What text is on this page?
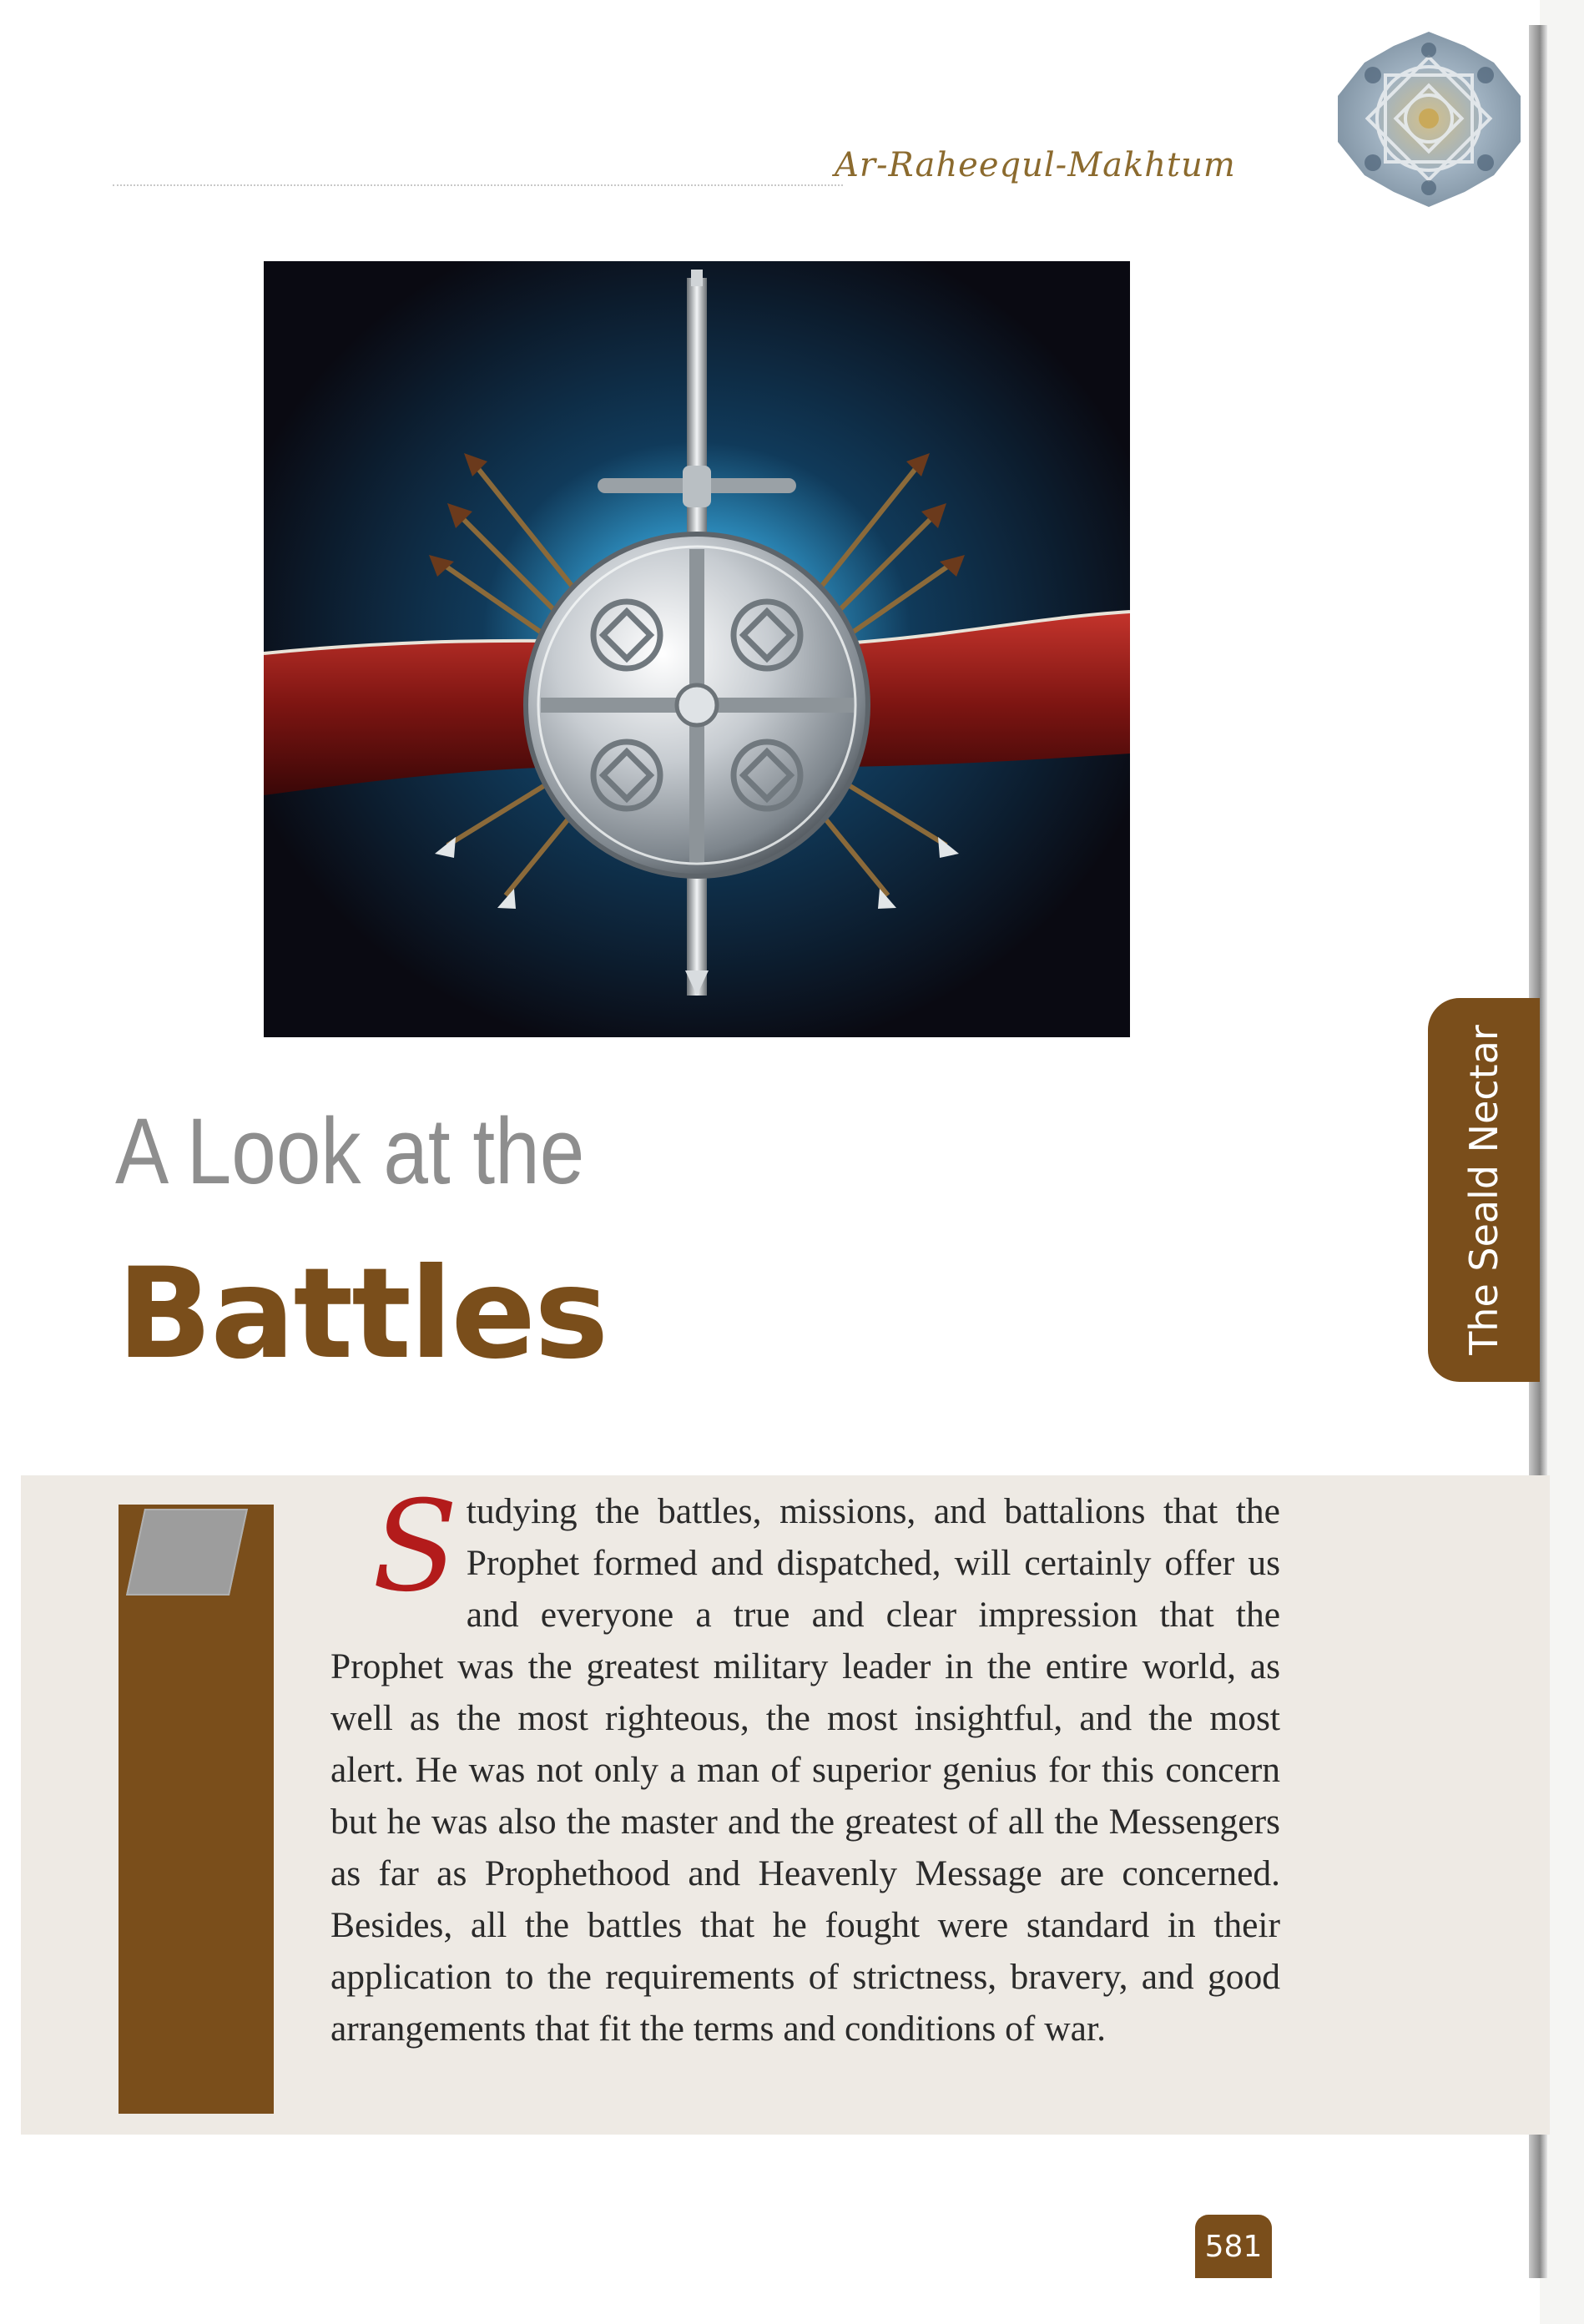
Ar-Raheequl-Makhtum
A Look at the
Battles	The Seald Nectar

Studying the battles, missions, and battalions that the Prophet formed and dispatched, will certainly offer us and everyone a true and clear impression that the Prophet was the greatest military leader in the entire world, as well as the most righteous, the most insightful, and the most alert. He was not only a man of superior genius for this concern but he was also the master and the greatest of all the Messengers as far as Prophethood and Heavenly Message are concerned. Besides, all the battles that he fought were standard in their application to the requirements of strictness, bravery, and good arrangements that fit the terms and conditions of war.

581
